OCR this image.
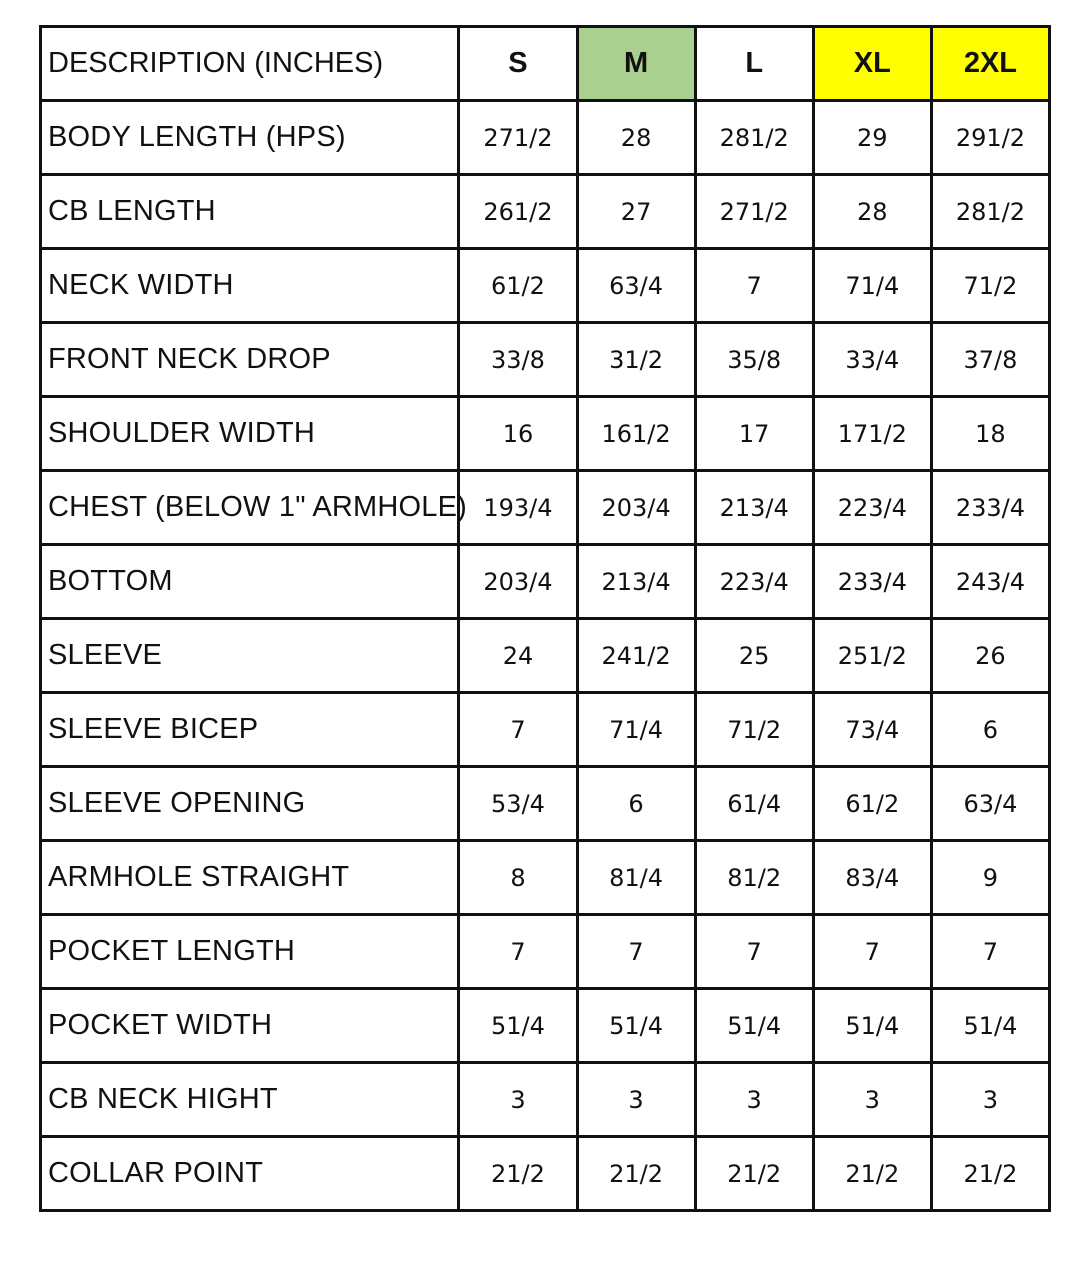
DESCRIPTION (INCHES)	S	M	L	XL	2XL
BODY LENGTH (HPS)	271/2	28	281/2	29	291/2
CB LENGTH	261/2	27	271/2	28	281/2
NECK WIDTH	61/2	63/4	7	71/4	71/2
FRONT NECK DROP	33/8	31/2	35/8	33/4	37/8
SHOULDER WIDTH	16	161/2	17	171/2	18
CHEST (BELOW 1" ARMHOLE)	193/4	203/4	213/4	223/4	233/4
BOTTOM	203/4	213/4	223/4	233/4	243/4
SLEEVE	24	241/2	25	251/2	26
SLEEVE BICEP	7	71/4	71/2	73/4	6
SLEEVE OPENING	53/4	6	61/4	61/2	63/4
ARMHOLE STRAIGHT	8	81/4	81/2	83/4	9
POCKET LENGTH	7	7	7	7	7
POCKET WIDTH	51/4	51/4	51/4	51/4	51/4
CB NECK HIGHT	3	3	3	3	3
COLLAR POINT	21/2	21/2	21/2	21/2	21/2
